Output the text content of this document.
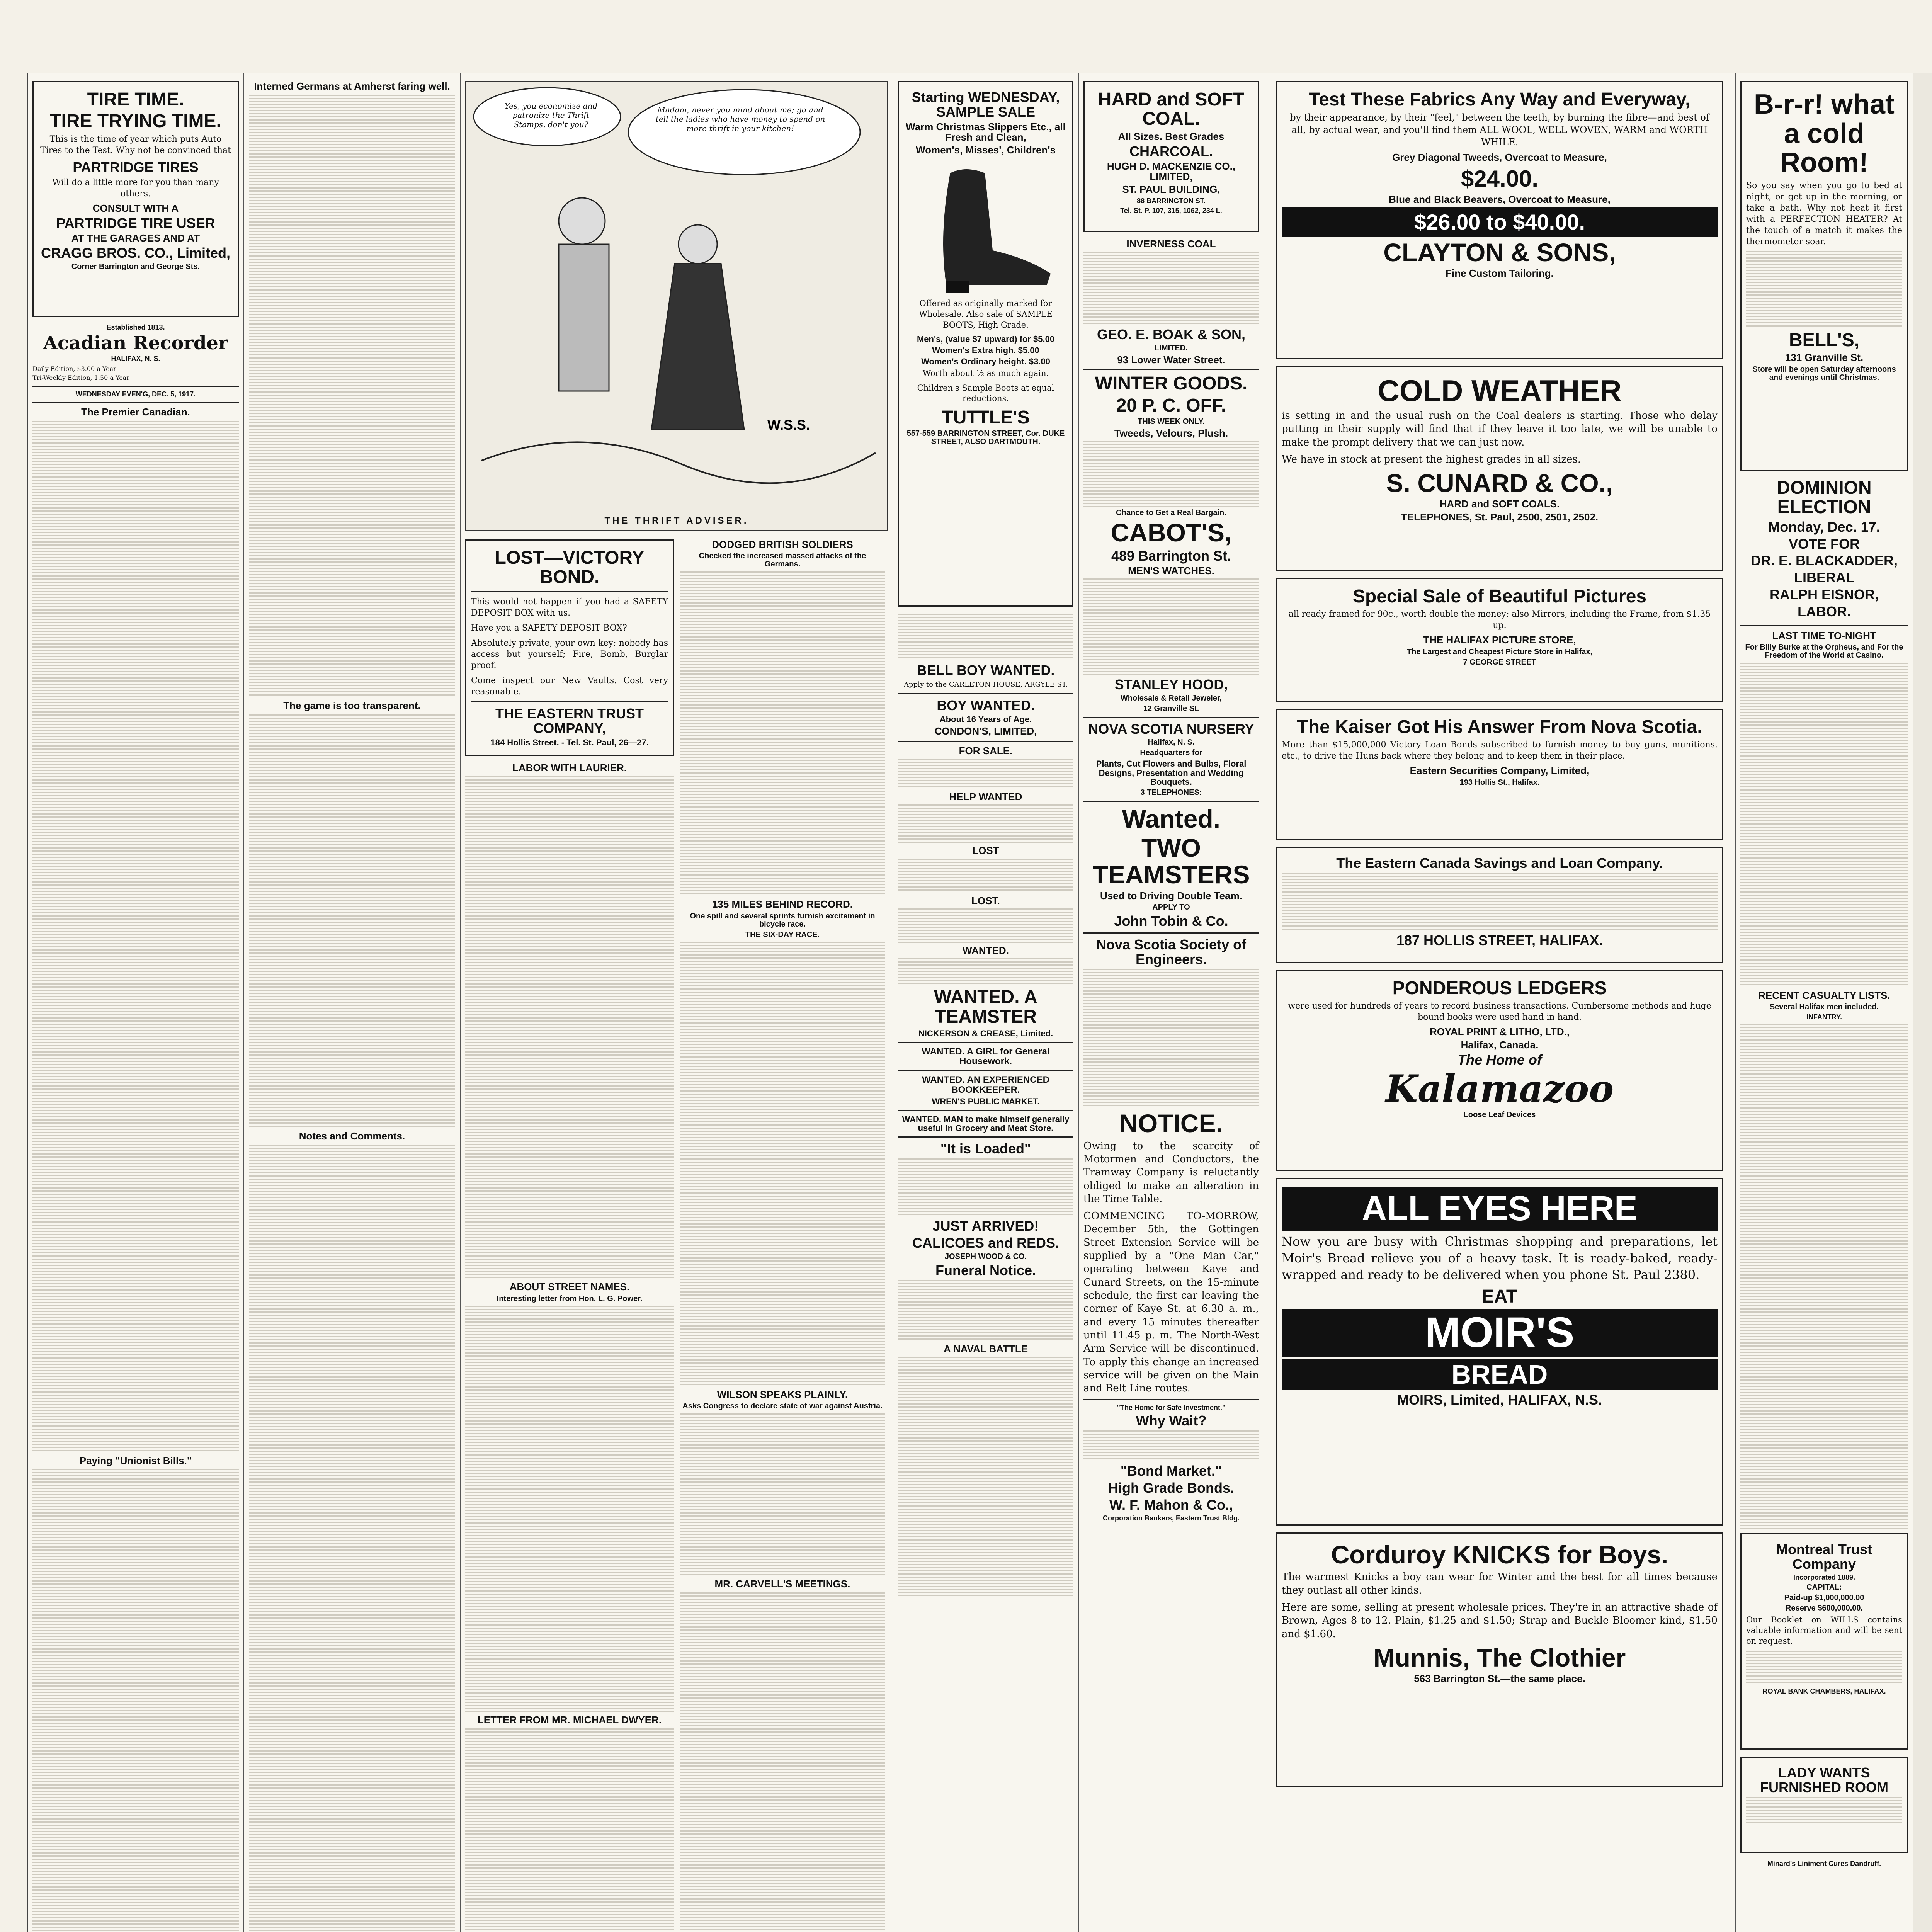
TIRE TIME.
TIRE TRYING TIME.

This is the time of year which puts Auto Tires to the Test. Why not be convinced that

PARTRIDGE TIRES

Will do a little more for you than many others.

CONSULT WITH A
PARTRIDGE TIRE USER
AT THE GARAGES AND AT
CRAGG BROS. CO., Limited,
Corner Barrington and George Sts.
Established 1813.
Acadian Recorder
HALIFAX, N. S.
Daily Edition, $3.00 a Year
Tri-Weekly Edition, 1.50 a Year
WEDNESDAY EVEN'G, DEC. 5, 1917.
The Premier Canadian.
Paying "Unionist Bills."
Interned Germans at Amherst faring well.
The game is too transparent.
Notes and Comments.
W.S.S.
Yes, you economize and patronize the Thrift Stamps, don't you?
Madam, never you mind about me; go and tell the ladies who have money to spend on more thrift in your kitchen!
THE THRIFT ADVISER.
LOST—VICTORY BOND.

This would not happen if you had a SAFETY DEPOSIT BOX with us.

Have you a SAFETY DEPOSIT BOX?

Absolutely private, your own key; nobody has access but yourself; Fire, Bomb, Burglar proof.

Come inspect our New Vaults. Cost very reasonable.

THE EASTERN TRUST COMPANY,
184 Hollis Street. - Tel. St. Paul, 26—27.
LABOR WITH LAURIER.
ABOUT STREET NAMES.
Interesting letter from Hon. L. G. Power.
LETTER FROM MR. MICHAEL DWYER.
DODGED BRITISH SOLDIERS
Checked the increased massed attacks of the Germans.
135 MILES BEHIND RECORD.
One spill and several sprints furnish excitement in bicycle race.
THE SIX-DAY RACE.
WILSON SPEAKS PLAINLY.
Asks Congress to declare state of war against Austria.
MR. CARVELL'S MEETINGS.
Starting WEDNESDAY, SAMPLE SALE
Warm Christmas Slippers Etc., all Fresh and Clean,
Women's, Misses', Children's

Offered as originally marked for Wholesale. Also sale of SAMPLE BOOTS, High Grade.

Men's, (value $7 upward) for $5.00
Women's Extra high. $5.00
Women's Ordinary height. $3.00

Worth about ½ as much again.

Children's Sample Boots at equal reductions.

TUTTLE'S
557-559 BARRINGTON STREET, Cor. DUKE STREET, ALSO DARTMOUTH.
BELL BOY WANTED.
Apply to the CARLETON HOUSE, ARGYLE ST.
BOY WANTED.
About 16 Years of Age.
CONDON'S, LIMITED,
FOR SALE.
HELP WANTED
LOST
LOST.
WANTED.
WANTED. A TEAMSTER
NICKERSON & CREASE, Limited.
WANTED. A GIRL for General Housework.
WANTED. AN EXPERIENCED BOOKKEEPER.
WREN'S PUBLIC MARKET.
WANTED. MAN to make himself generally useful in Grocery and Meat Store.
"It is Loaded"
JUST ARRIVED!
CALICOES and REDS.
JOSEPH WOOD & CO.
Funeral Notice.
A NAVAL BATTLE
HARD and SOFT COAL.
All Sizes. Best Grades
CHARCOAL.
HUGH D. MACKENZIE CO., LIMITED,
ST. PAUL BUILDING,
88 BARRINGTON ST.
Tel. St. P. 107, 315, 1062, 234 L.
INVERNESS COAL
GEO. E. BOAK & SON,
LIMITED.
93 Lower Water Street.
WINTER GOODS.
20 P. C. OFF.
THIS WEEK ONLY.
Tweeds, Velours, Plush.
Chance to Get a Real Bargain.
CABOT'S,
489 Barrington St.
MEN'S WATCHES.
STANLEY HOOD,
Wholesale & Retail Jeweler,
12 Granville St.
NOVA SCOTIA NURSERY
Halifax, N. S.
Headquarters for
Plants, Cut Flowers and Bulbs, Floral Designs, Presentation and Wedding Bouquets.
3 TELEPHONES:
Wanted.
TWO TEAMSTERS
Used to Driving Double Team.
APPLY TO
John Tobin & Co.
Nova Scotia Society of Engineers.
NOTICE.

Owing to the scarcity of Motormen and Conductors, the Tramway Company is reluctantly obliged to make an alteration in the Time Table.

COMMENCING TO-MORROW, December 5th, the Gottingen Street Extension Service will be supplied by a "One Man Car," operating between Kaye and Cunard Streets, on the 15-minute schedule, the first car leaving the corner of Kaye St. at 6.30 a. m., and every 15 minutes thereafter until 11.45 p. m. The North-West Arm Service will be discontinued. To apply this change an increased service will be given on the Main and Belt Line routes.

"The Home for Safe Investment."
Why Wait?
"Bond Market."
High Grade Bonds.
W. F. Mahon & Co.,
Corporation Bankers, Eastern Trust Bldg.
Test These Fabrics Any Way and Everyway,

by their appearance, by their "feel," between the teeth, by burning the fibre—and best of all, by actual wear, and you'll find them ALL WOOL, WELL WOVEN, WARM and WORTH WHILE.

Grey Diagonal Tweeds, Overcoat to Measure,
$24.00.
Blue and Black Beavers, Overcoat to Measure,
$26.00 to $40.00.
CLAYTON & SONS,
Fine Custom Tailoring.
COLD WEATHER

is setting in and the usual rush on the Coal dealers is starting. Those who delay putting in their supply will find that if they leave it too late, we will be unable to make the prompt delivery that we can just now.

We have in stock at present the highest grades in all sizes.

S. CUNARD & CO.,
HARD and SOFT COALS.
TELEPHONES, St. Paul, 2500, 2501, 2502.
Special Sale of Beautiful Pictures

all ready framed for 90c., worth double the money; also Mirrors, including the Frame, from $1.35 up.

THE HALIFAX PICTURE STORE,
The Largest and Cheapest Picture Store in Halifax,
7 GEORGE STREET
The Kaiser Got His Answer From Nova Scotia.

More than $15,000,000 Victory Loan Bonds subscribed to furnish money to buy guns, munitions, etc., to drive the Huns back where they belong and to keep them in their place.

Eastern Securities Company, Limited,
193 Hollis St., Halifax.
The Eastern Canada Savings and Loan Company.
187 HOLLIS STREET, HALIFAX.
PONDEROUS LEDGERS

were used for hundreds of years to record business transactions. Cumbersome methods and huge bound books were used hand in hand.

ROYAL PRINT & LITHO, LTD.,
Halifax, Canada.
The Home of
Kalamazoo
Loose Leaf Devices
ALL EYES HERE

Now you are busy with Christmas shopping and preparations, let Moir's Bread relieve you of a heavy task. It is ready-baked, ready-wrapped and ready to be delivered when you phone St. Paul 2380.

EAT
MOIR'S
BREAD
MOIRS, Limited, HALIFAX, N.S.
Corduroy KNICKS for Boys.

The warmest Knicks a boy can wear for Winter and the best for all times because they outlast all other kinds.

Here are some, selling at present wholesale prices. They're in an attractive shade of Brown, Ages 8 to 12. Plain, $1.25 and $1.50; Strap and Buckle Bloomer kind, $1.50 and $1.60.

Munnis, The Clothier
563 Barrington St.—the same place.
B-r-r! what a cold Room!

So you say when you go to bed at night, or get up in the morning, or take a bath. Why not heat it first with a PERFECTION HEATER? At the touch of a match it makes the thermometer soar.

BELL'S,
131 Granville St.
Store will be open Saturday afternoons and evenings until Christmas.
DOMINION ELECTION
Monday, Dec. 17.
VOTE FOR
DR. E. BLACKADDER,
LIBERAL
RALPH EISNOR,
LABOR.
LAST TIME TO-NIGHT
For Billy Burke at the Orpheus, and For the Freedom of the World at Casino.
RECENT CASUALTY LISTS.
Several Halifax men included.
INFANTRY.
Montreal Trust Company
Incorporated 1889.
CAPITAL:
Paid-up $1,000,000.00
Reserve $600,000.00.

Our Booklet on WILLS contains valuable information and will be sent on request.

ROYAL BANK CHAMBERS, HALIFAX.
LADY WANTS FURNISHED ROOM
Minard's Liniment Cures Dandruff.
